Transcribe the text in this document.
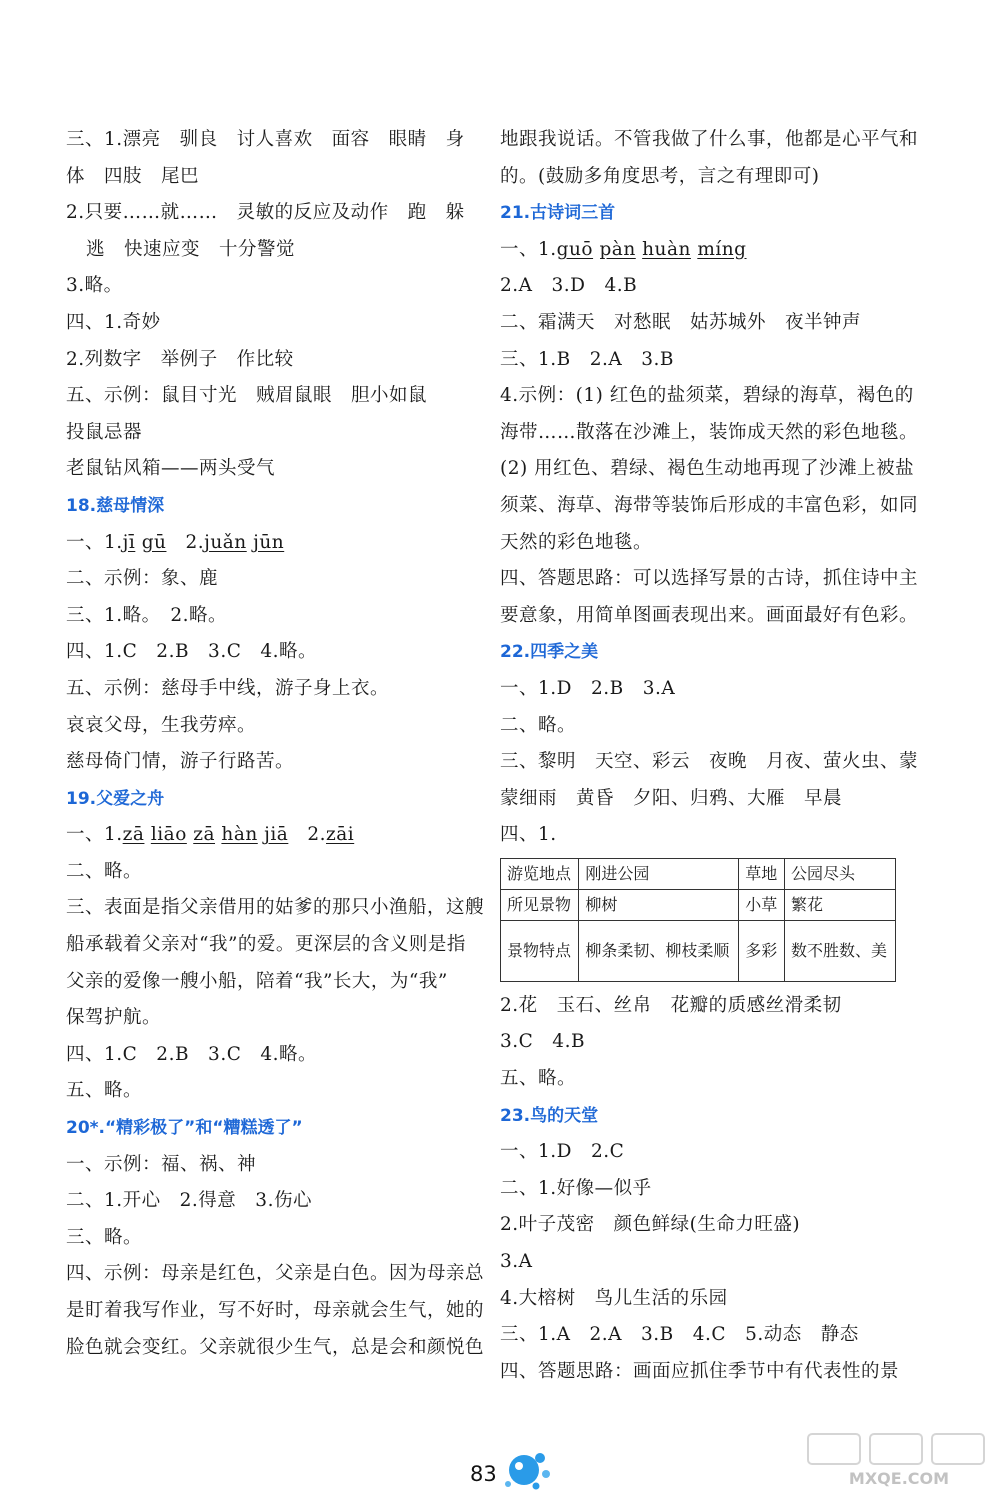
三、1.漂亮　驯良　讨人喜欢　面容　眼睛　身
体　四肢　尾巴
2.只要……就……　灵敏的反应及动作　跑　躲
逃　快速应变　十分警觉
3.略。
四、1.奇妙
2.列数字　举例子　作比较
五、示例：鼠目寸光　贼眉鼠眼　胆小如鼠
投鼠忌器
老鼠钻风箱——两头受气
18.慈母情深
一、1.jī gū　2.juǎn jūn
二、示例：象、鹿
三、1.略。　2.略。
四、1.C　2.B　3.C　4.略。
五、示例：慈母手中线，游子身上衣。
哀哀父母，生我劳瘁。
慈母倚门情，游子行路苦。
19.父爱之舟
一、1.zā liāo zā hàn jiā　2.zāi
二、略。
三、表面是指父亲借用的姑爹的那只小渔船，这艘
船承载着父亲对“我”的爱。更深层的含义则是指
父亲的爱像一艘小船，陪着“我”长大，为“我”
保驾护航。
四、1.C　2.B　3.C　4.略。
五、略。
20*.“精彩极了”和“糟糕透了”
一、示例：福、祸、神
二、1.开心　2.得意　3.伤心
三、略。
四、示例：母亲是红色，父亲是白色。因为母亲总
是盯着我写作业，写不好时，母亲就会生气，她的
脸色就会变红。父亲就很少生气，总是会和颜悦色
地跟我说话。不管我做了什么事，他都是心平气和
的。(鼓励多角度思考，言之有理即可)
21.古诗词三首
一、1.guō pàn huàn míng
2.A　3.D　4.B
二、霜满天　对愁眠　姑苏城外　夜半钟声
三、1.B　2.A　3.B
4.示例：(1) 红色的盐须菜，碧绿的海草，褐色的
海带……散落在沙滩上，装饰成天然的彩色地毯。
(2) 用红色、碧绿、褐色生动地再现了沙滩上被盐
须菜、海草、海带等装饰后形成的丰富色彩，如同
天然的彩色地毯。
四、答题思路：可以选择写景的古诗，抓住诗中主
要意象，用简单图画表现出来。画面最好有色彩。
22.四季之美
一、1.D　2.B　3.A
二、略。
三、黎明　天空、彩云　夜晚　月夜、萤火虫、蒙
蒙细雨　黄昏　夕阳、归鸦、大雁　早晨
四、1.
游览地点	刚进公园	草地	公园尽头
所见景物	柳树	小草	繁花
景物特点	柳条柔韧、柳枝柔顺	多彩	数不胜数、美
2.花　玉石、丝帛　花瓣的质感丝滑柔韧
3.C　4.B
五、略。
23.鸟的天堂
一、1.D　2.C
二、1.好像—似乎
2.叶子茂密　颜色鲜绿(生命力旺盛)
3.A
4.大榕树　鸟儿生活的乐园
三、1.A　2.A　3.B　4.C　5.动态　静态
四、答题思路：画面应抓住季节中有代表性的景
83	MXQE.COM
